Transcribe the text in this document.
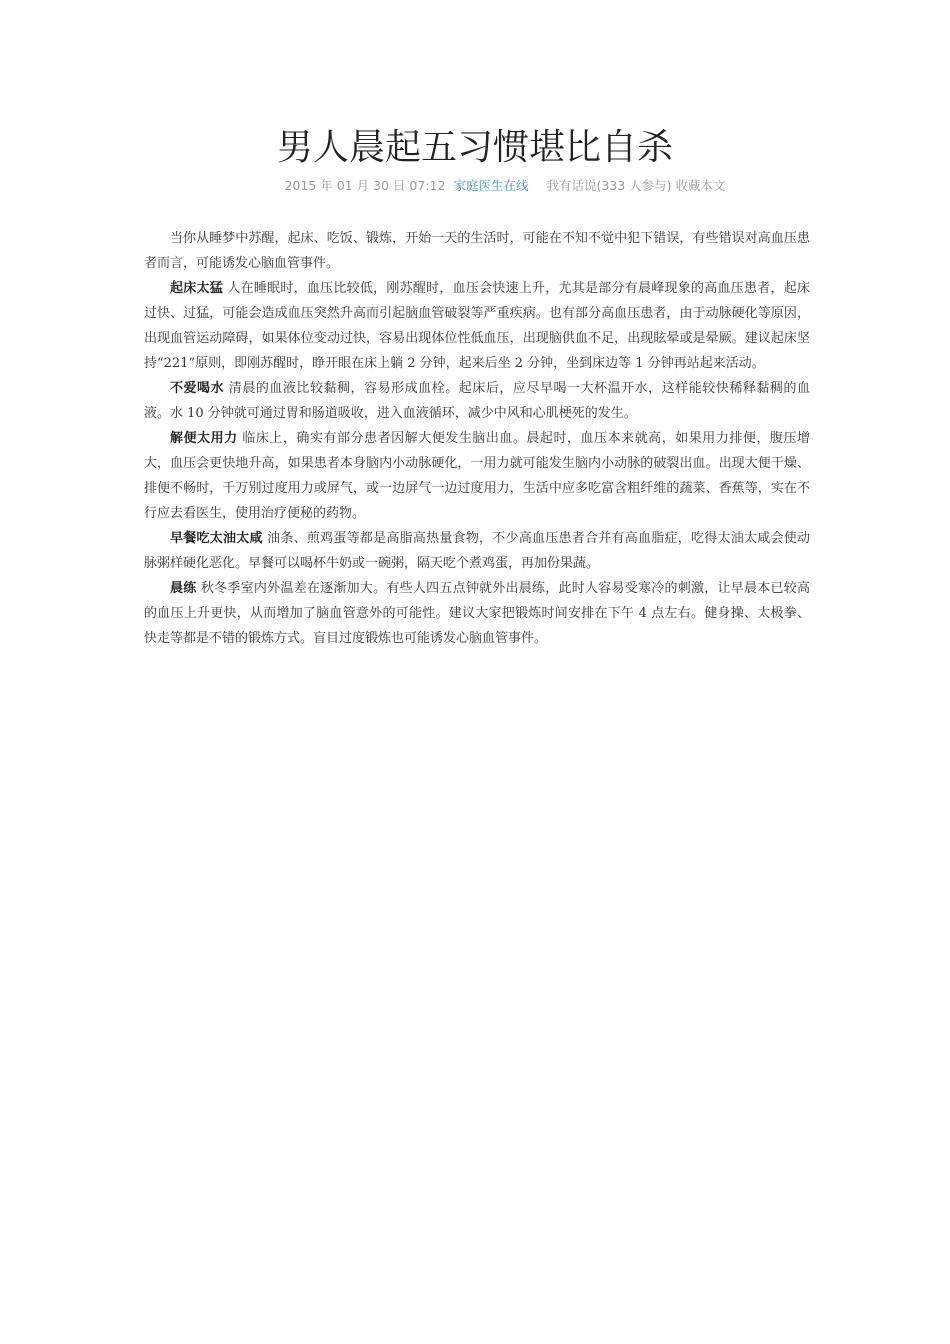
男人晨起五习惯堪比自杀
2015 年 01 月 30 日 07:12 家庭医生在线 我有话说(333 人参与) 收藏本文

当你从睡梦中苏醒，起床、吃饭、锻炼，开始一天的生活时，可能在不知不觉中犯下错误，有些错误对高血压患者而言，可能诱发心脑血管事件。

起床太猛 人在睡眠时，血压比较低，刚苏醒时，血压会快速上升，尤其是部分有晨峰现象的高血压患者，起床过快、过猛，可能会造成血压突然升高而引起脑血管破裂等严重疾病。也有部分高血压患者，由于动脉硬化等原因，出现血管运动障碍，如果体位变动过快，容易出现体位性低血压，出现脑供血不足，出现眩晕或是晕厥。建议起床坚持“221”原则，即刚苏醒时，睁开眼在床上躺 2 分钟，起来后坐 2 分钟，坐到床边等 1 分钟再站起来活动。

不爱喝水 清晨的血液比较黏稠，容易形成血栓。起床后，应尽早喝一大杯温开水，这样能较快稀释黏稠的血液。水 10 分钟就可通过胃和肠道吸收，进入血液循环，减少中风和心肌梗死的发生。

解便太用力 临床上，确实有部分患者因解大便发生脑出血。晨起时，血压本来就高，如果用力排便，腹压增大，血压会更快地升高，如果患者本身脑内小动脉硬化，一用力就可能发生脑内小动脉的破裂出血。出现大便干燥、排便不畅时，千万别过度用力或屏气，或一边屏气一边过度用力，生活中应多吃富含粗纤维的蔬菜、香蕉等，实在不行应去看医生，使用治疗便秘的药物。

早餐吃太油太咸 油条、煎鸡蛋等都是高脂高热量食物，不少高血压患者合并有高血脂症，吃得太油太咸会使动脉粥样硬化恶化。早餐可以喝杯牛奶或一碗粥，隔天吃个煮鸡蛋，再加份果蔬。

晨练 秋冬季室内外温差在逐渐加大。有些人四五点钟就外出晨练，此时人容易受寒冷的刺激，让早晨本已较高的血压上升更快，从而增加了脑血管意外的可能性。建议大家把锻炼时间安排在下午 4 点左右。健身操、太极拳、快走等都是不错的锻炼方式。盲目过度锻炼也可能诱发心脑血管事件。
